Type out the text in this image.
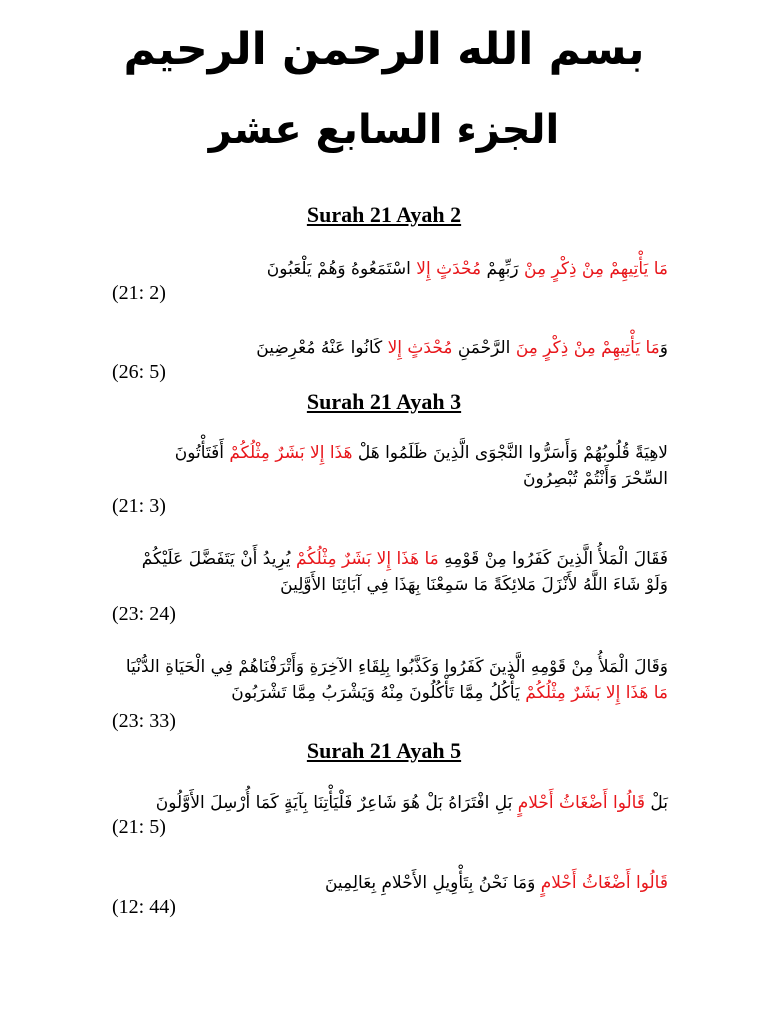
بسم الله الرحمن الرحيم
الجزء السابع عشر
Surah 21 Ayah 2
مَا يَأْتِيهِمْ مِنْ ذِكْرٍ مِنْ رَبِّهِمْ مُحْدَثٍ إِلا اسْتَمَعُوهُ وَهُمْ يَلْعَبُونَ
(21: 2)
وَمَا يَأْتِيهِمْ مِنْ ذِكْرٍ مِنَ الرَّحْمَنِ مُحْدَثٍ إِلا كَانُوا عَنْهُ مُعْرِضِينَ
(26: 5)
Surah 21 Ayah 3
لاهِيَةً قُلُوبُهُمْ وَأَسَرُّوا النَّجْوَى الَّذِينَ ظَلَمُوا هَلْ هَذَا إِلا بَشَرٌ مِثْلُكُمْ أَفَتَأْتُونَ
السِّحْرَ وَأَنْتُمْ تُبْصِرُونَ
(21: 3)
فَقَالَ الْمَلأُ الَّذِينَ كَفَرُوا مِنْ قَوْمِهِ مَا هَذَا إِلا بَشَرٌ مِثْلُكُمْ يُرِيدُ أَنْ يَتَفَضَّلَ عَلَيْكُمْ
وَلَوْ شَاءَ اللَّهُ لأَنْزَلَ مَلائِكَةً مَا سَمِعْنَا بِهَذَا فِي آبَائِنَا الأَوَّلِينَ
(23: 24)
وَقَالَ الْمَلأُ مِنْ قَوْمِهِ الَّذِينَ كَفَرُوا وَكَذَّبُوا بِلِقَاءِ الآخِرَةِ وَأَتْرَفْنَاهُمْ فِي الْحَيَاةِ الدُّنْيَا
مَا هَذَا إِلا بَشَرٌ مِثْلُكُمْ يَأْكُلُ مِمَّا تَأْكُلُونَ مِنْهُ وَيَشْرَبُ مِمَّا تَشْرَبُونَ
(23: 33)
Surah 21 Ayah 5
بَلْ قَالُوا أَضْغَاثُ أَحْلامٍ بَلِ افْتَرَاهُ بَلْ هُوَ شَاعِرٌ فَلْيَأْتِنَا بِآيَةٍ كَمَا أُرْسِلَ الأَوَّلُونَ
(21: 5)
قَالُوا أَضْغَاثُ أَحْلامٍ وَمَا نَحْنُ بِتَأْوِيلِ الأَحْلامِ بِعَالِمِينَ
(12: 44)
